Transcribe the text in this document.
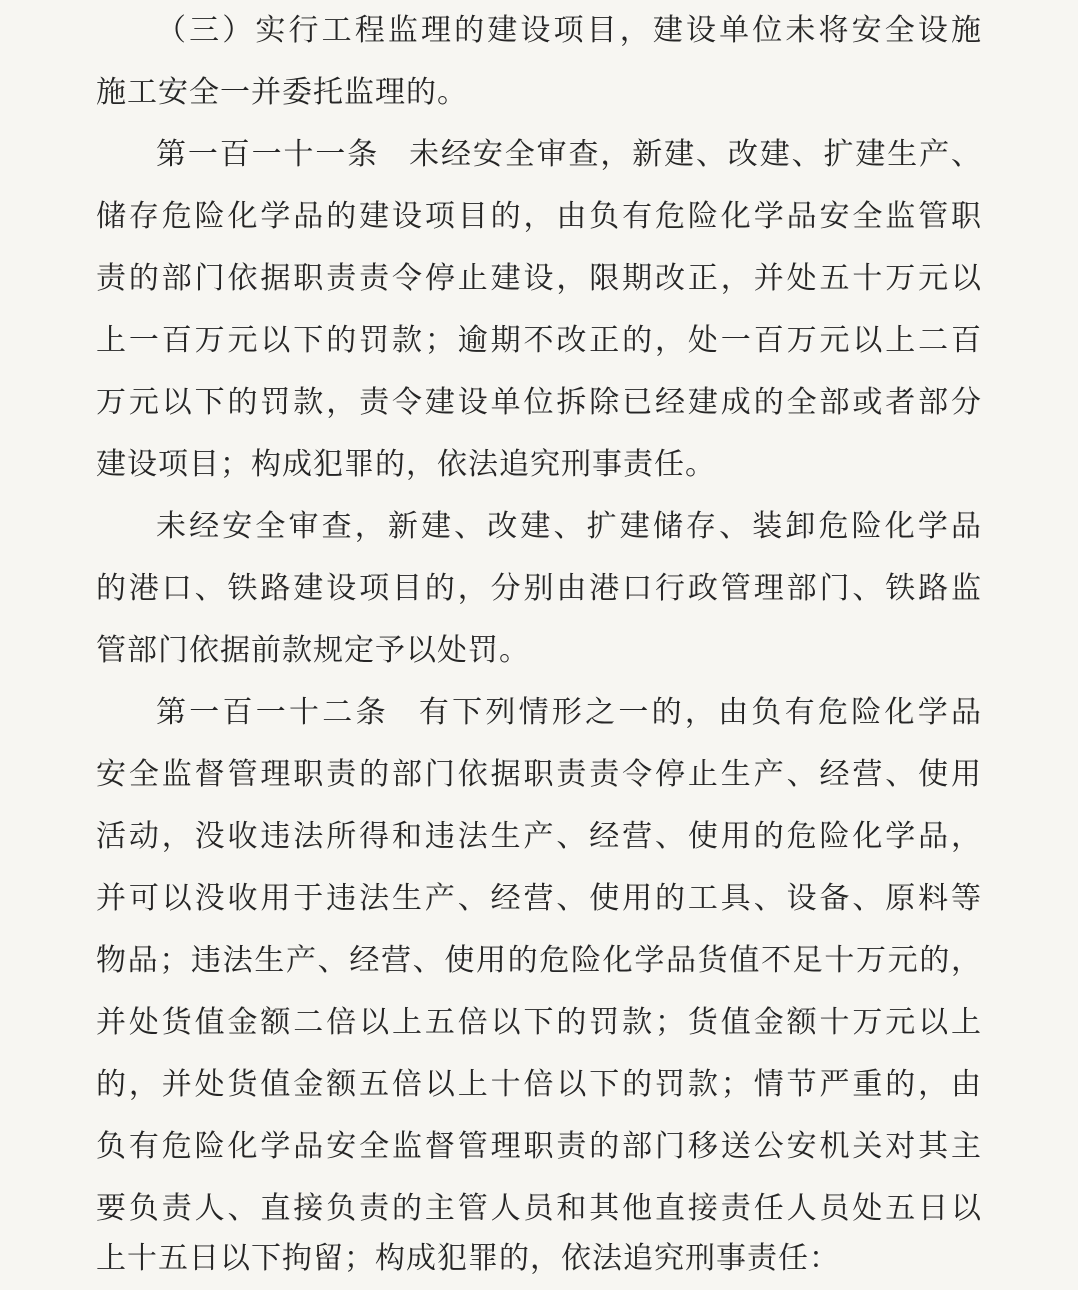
（三）实行工程监理的建设项目，建设单位未将安全设施
施工安全一并委托监理的。
第一百一十一条 未经安全审查，新建、改建、扩建生产、
储存危险化学品的建设项目的，由负有危险化学品安全监管职
责的部门依据职责责令停止建设，限期改正，并处五十万元以
上一百万元以下的罚款；逾期不改正的，处一百万元以上二百
万元以下的罚款，责令建设单位拆除已经建成的全部或者部分
建设项目；构成犯罪的，依法追究刑事责任。
未经安全审查，新建、改建、扩建储存、装卸危险化学品
的港口、铁路建设项目的，分别由港口行政管理部门、铁路监
管部门依据前款规定予以处罚。
第一百一十二条 有下列情形之一的，由负有危险化学品
安全监督管理职责的部门依据职责责令停止生产、经营、使用
活动，没收违法所得和违法生产、经营、使用的危险化学品，
并可以没收用于违法生产、经营、使用的工具、设备、原料等
物品；违法生产、经营、使用的危险化学品货值不足十万元的，
并处货值金额二倍以上五倍以下的罚款；货值金额十万元以上
的，并处货值金额五倍以上十倍以下的罚款；情节严重的，由
负有危险化学品安全监督管理职责的部门移送公安机关对其主
要负责人、直接负责的主管人员和其他直接责任人员处五日以
上十五日以下拘留；构成犯罪的，依法追究刑事责任：
